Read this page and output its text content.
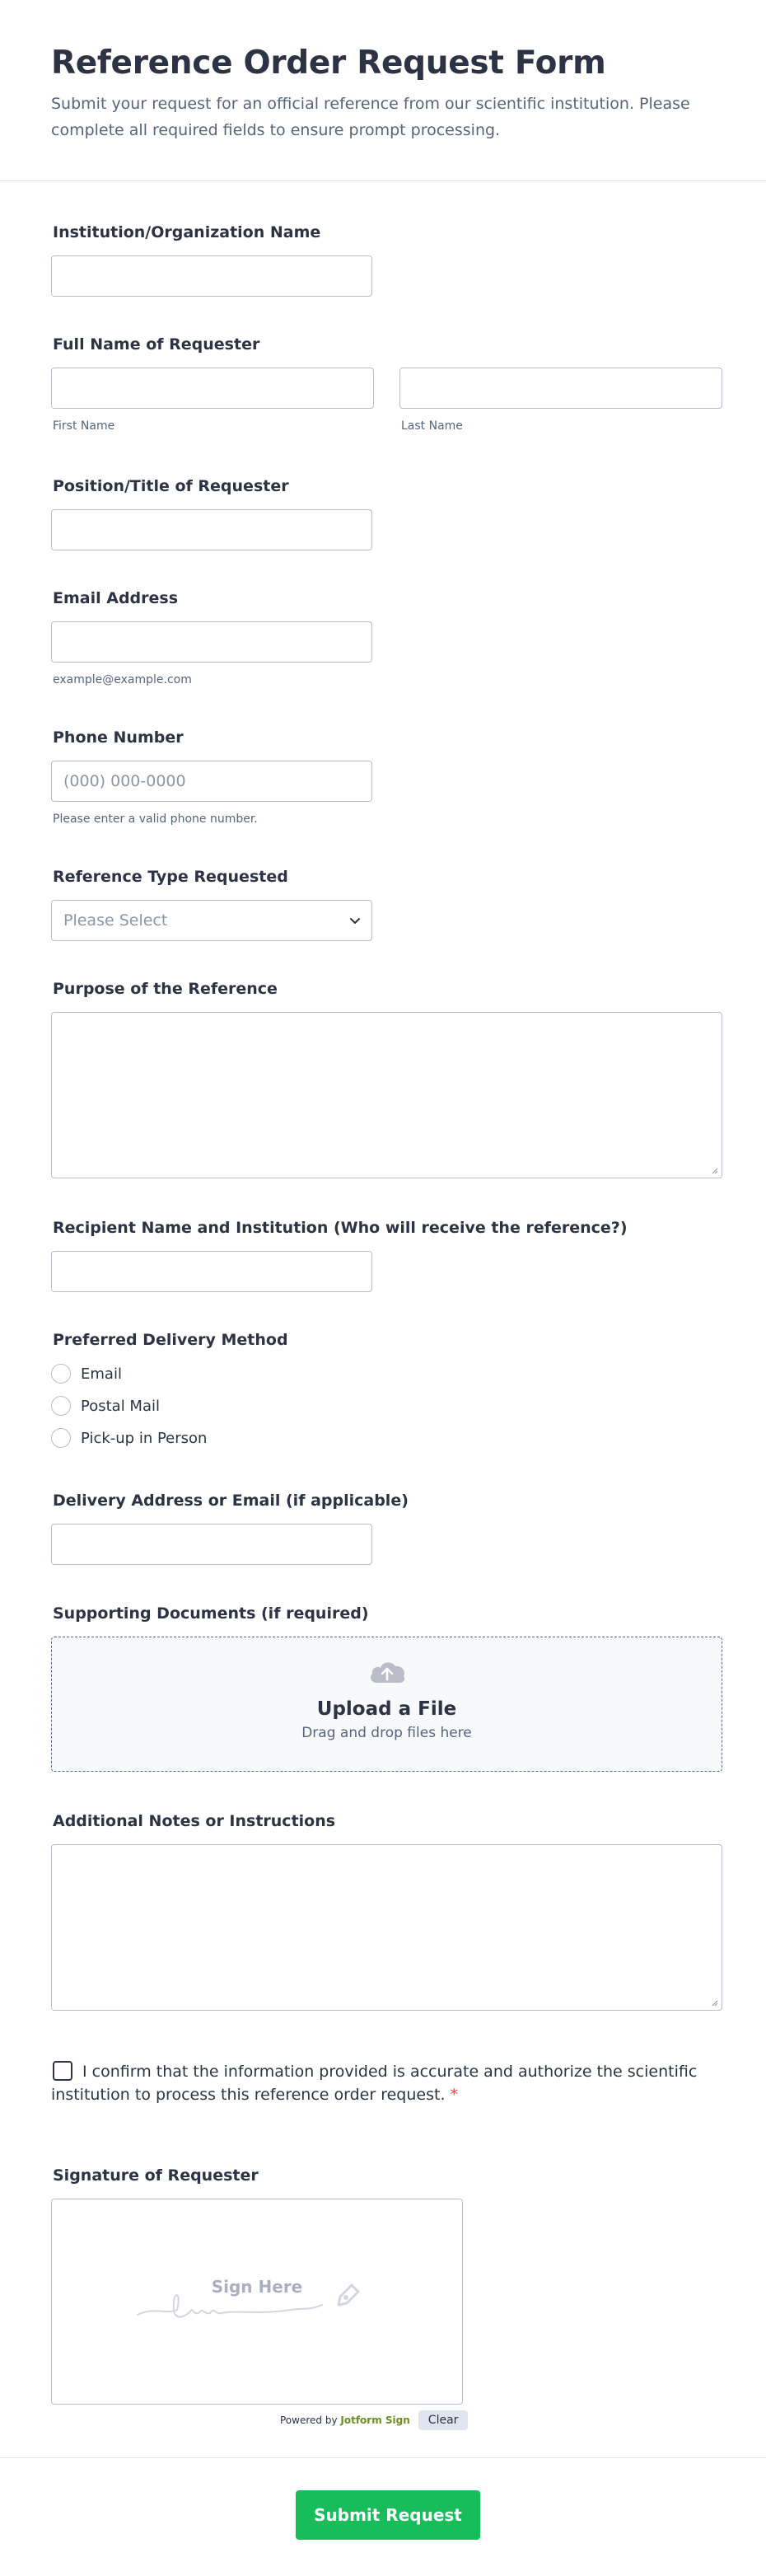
Reference Order Request Form

Submit your request for an official reference from our scientific institution. Please complete all required fields to ensure prompt processing.

Institution/Organization Name
Full Name of Requester
First Name	Last Name
Position/Title of Requester
Email Address
example@example.com
Phone Number
(000) 000-0000
Please enter a valid phone number.
Reference Type Requested
Please Select
Purpose of the Reference
Recipient Name and Institution (Who will receive the reference?)
Preferred Delivery Method
Email
Postal Mail
Pick-up in Person
Delivery Address or Email (if applicable)
Supporting Documents (if required)
Upload a File
Drag and drop files here
Additional Notes or Instructions
I confirm that the information provided is accurate and authorize the scientific institution to process this reference order request. *
Signature of Requester
Sign Here
Powered by Jotform Sign	Clear
Submit Request
